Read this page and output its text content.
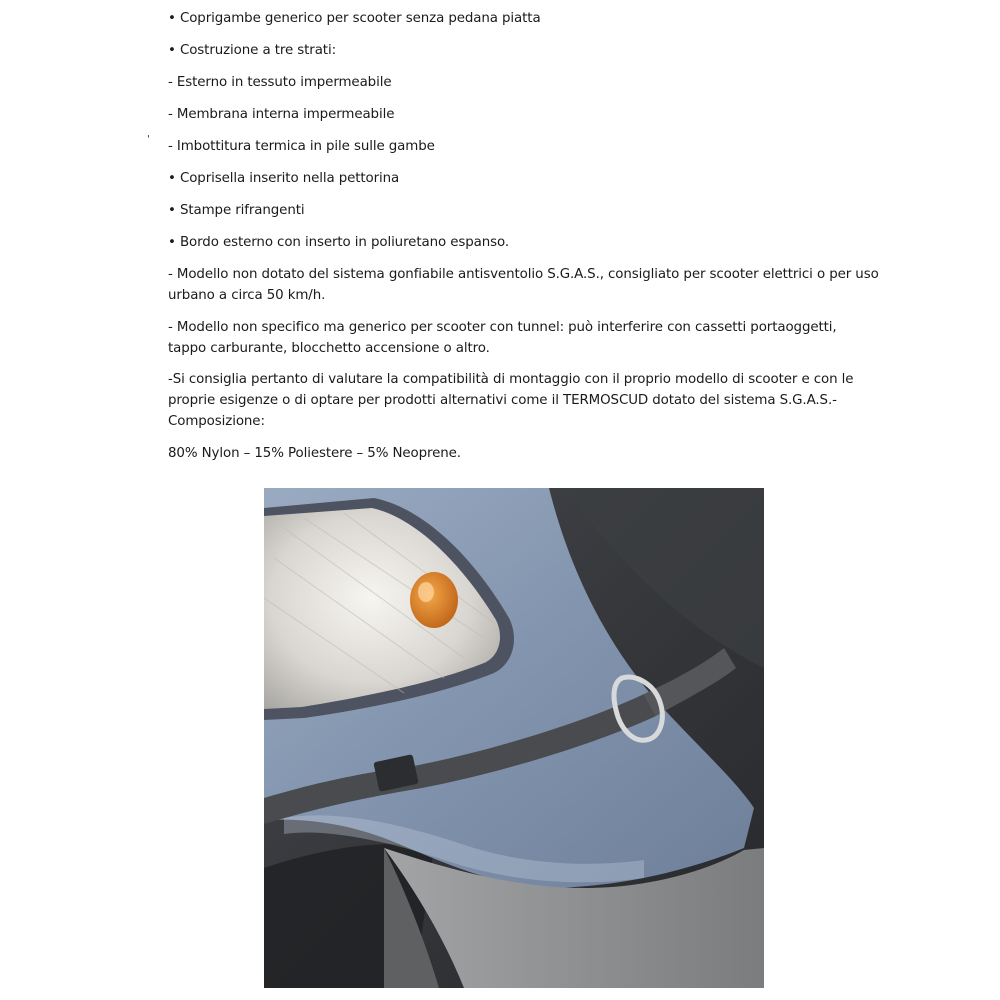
'
• Coprigambe generico per scooter senza pedana piatta
• Costruzione a tre strati:
- Esterno in tessuto impermeabile
- Membrana interna impermeabile
- Imbottitura termica in pile sulle gambe
• Coprisella inserito nella pettorina
• Stampe rifrangenti
• Bordo esterno con inserto in poliuretano espanso.
- Modello non dotato del sistema gonfiabile antisventolio S.G.A.S., consigliato per scooter elettrici o per uso
urbano a circa 50 km/h.
- Modello non specifico ma generico per scooter con tunnel: può interferire con cassetti portaoggetti,
tappo carburante, blocchetto accensione o altro.
-Si consiglia pertanto di valutare la compatibilità di montaggio con il proprio modello di scooter e con le
proprie esigenze o di optare per prodotti alternativi come il TERMOSCUD dotato del sistema S.G.A.S.-
Composizione:
80% Nylon – 15% Poliestere – 5% Neoprene.
